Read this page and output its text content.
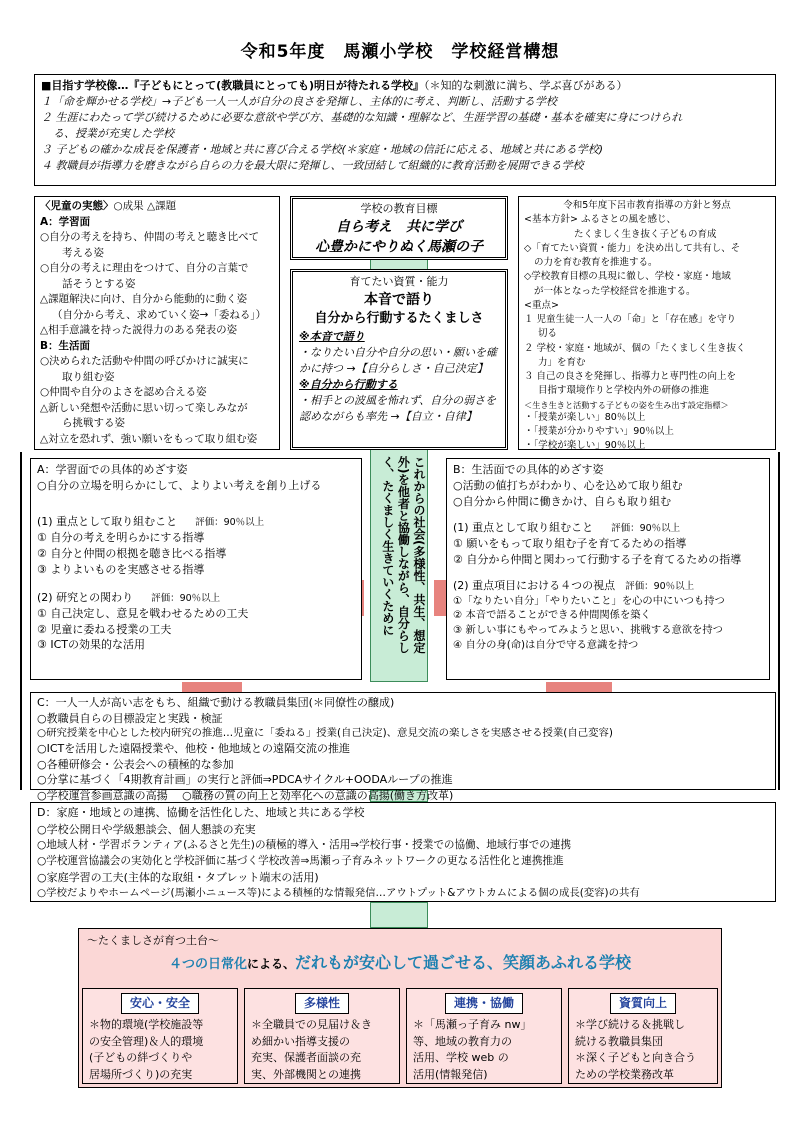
令和5年度　馬瀬小学校　学校経営構想
■目指す学校像…『子どもにとって(教職員にとっても)明日が待たれる学校』（＊知的な刺激に満ち、学ぶ喜びがある）
１「命を輝かせる学校」→子ども一人一人が自分の良さを発揮し、主体的に考え、判断し、活動する学校
２ 生涯にわたって学び続けるために必要な意欲や学び方、基礎的な知識・理解など、生涯学習の基礎・基本を確実に身につけられ
る、授業が充実した学校
３ 子どもの確かな成長を保護者・地域と共に喜び合える学校(＊家庭・地域の信託に応える、地域と共にある学校)
４ 教職員が指導力を磨きながら自らの力を最大限に発揮し、一致団結して組織的に教育活動を展開できる学校
〈児童の実態〉○成果 △課題
A：学習面
○自分の考えを持ち、仲間の考えと聴き比べて
考える姿
○自分の考えに理由をつけて、自分の言葉で
話そうとする姿
△課題解決に向け、自分から能動的に動く姿
（自分から考え、求めていく姿→「委ねる」）
△相手意識を持った説得力のある発表の姿
B：生活面
○決められた活動や仲間の呼びかけに誠実に
取り組む姿
○仲間や自分のよさを認め合える姿
△新しい発想や活動に思い切って楽しみなが
ら挑戦する姿
△対立を恐れず、強い願いをもって取り組む姿
学校の教育目標
自ら考え　共に学び
心豊かにやりぬく馬瀬の子
育てたい資質・能力
本音で語り
自分から行動するたくましさ
※本音で語り
・なりたい自分や自分の思い・願いを確
かに持つ →【自分らしさ・自己決定】
※自分から行動する
・相手との波風を怖れず、自分の弱さを
認めながらも率先 →【自立・自律】
令和5年度下呂市教育指導の方針と努点
<基本方針> ふるさとの風を感じ、
たくましく生き抜く子どもの育成
◇「育てたい資質・能力」を決め出して共有し、そ
の力を育む教育を推進する。
◇学校教育目標の具現に徹し、学校・家庭・地域
が一体となった学校経営を推進する。
<重点>
１ 児童生徒一人一人の「命」と「存在感」を守り
切る
２ 学校・家庭・地域が、個の「たくましく生き抜く
力」を育む
３ 自己の良さを発揮し、指導力と専門性の向上を
目指す環境作りと学校内外の研修の推進
＜生き生きと活動する子どもの姿を生み出す設定指標＞
・「授業が楽しい」80％以上
・「授業が分かりやすい」90％以上
・「学校が楽しい」90％以上
これからの社会(多様性、共生、想定外)を他者と協働しながら、自分らしく、たくましく生きていくために
A：学習面での具体的めざす姿
○自分の立場を明らかにして、よりよい考えを創り上げる
(1) 重点として取り組むこと 評価：90％以上
① 自分の考えを明らかにする指導
② 自分と仲間の根拠を聴き比べる指導
③ よりよいものを実感させる指導
(2) 研究との関わり 評価：90％以上
① 自己決定し、意見を戦わせるための工夫
② 児童に委ねる授業の工夫
③ ICTの効果的な活用
B：生活面での具体的めざす姿
○活動の値打ちがわかり、心を込めて取り組む
○自分から仲間に働きかけ、自らも取り組む
(1) 重点として取り組むこと 評価：90％以上
① 願いをもって取り組む子を育てるための指導
② 自分から仲間と関わって行動する子を育てるための指導
(2) 重点項目における４つの視点 評価：90％以上
①「なりたい自分」「やりたいこと」を心の中にいつも持つ
② 本音で語ることができる仲間関係を築く
③ 新しい事にもやってみようと思い、挑戦する意欲を持つ
④ 自分の身(命)は自分で守る意識を持つ
C：一人一人が高い志をもち、組織で動ける教職員集団(＊同僚性の醸成)
○教職員自らの目標設定と実践・検証
○研究授業を中心とした校内研究の推進…児童に「委ねる」授業(自己決定)、意見交流の楽しさを実感させる授業(自己変容)
○ICTを活用した遠隔授業や、他校・他地域との遠隔交流の推進
○各種研修会・公表会への積極的な参加
○分掌に基づく「4期教育計画」の実行と評価⇒PDCAサイクル+OODAループの推進
○学校運営参画意識の高揚　 ○職務の質の向上と効率化への意識の高揚(働き方改革)
D：家庭・地域との連携、協働を活性化した、地域と共にある学校
○学校公開日や学級懇談会、個人懇談の充実
○地域人材・学習ボランティア(ふるさと先生)の積極的導入・活用⇒学校行事・授業での協働、地域行事での連携
○学校運営協議会の実効化と学校評価に基づく学校改善⇒馬瀬っ子育みネットワークの更なる活性化と連携推進
○家庭学習の工夫(主体的な取組・タブレット端末の活用)
○学校だよりやホームページ(馬瀬小ニュース等)による積極的な情報発信…アウトプット&アウトカムによる個の成長(変容)の共有
〜たくましさが育つ土台〜
４つの日常化による、だれもが安心して過ごせる、笑顔あふれる学校
安心・安全
＊物的環境(学校施設等
の安全管理)＆人的環境
(子どもの絆づくりや
居場所づくり)の充実
多様性
＊全職員での見届け＆き
め細かい指導支援の
充実、保護者面談の充
実、外部機関との連携
連携・協働
＊「馬瀬っ子育み nw」
等、地域の教育力の
活用、学校 web の
活用(情報発信)
資質向上
＊学び続ける＆挑戦し
続ける教職員集団
＊深く子どもと向き合う
ための学校業務改革
